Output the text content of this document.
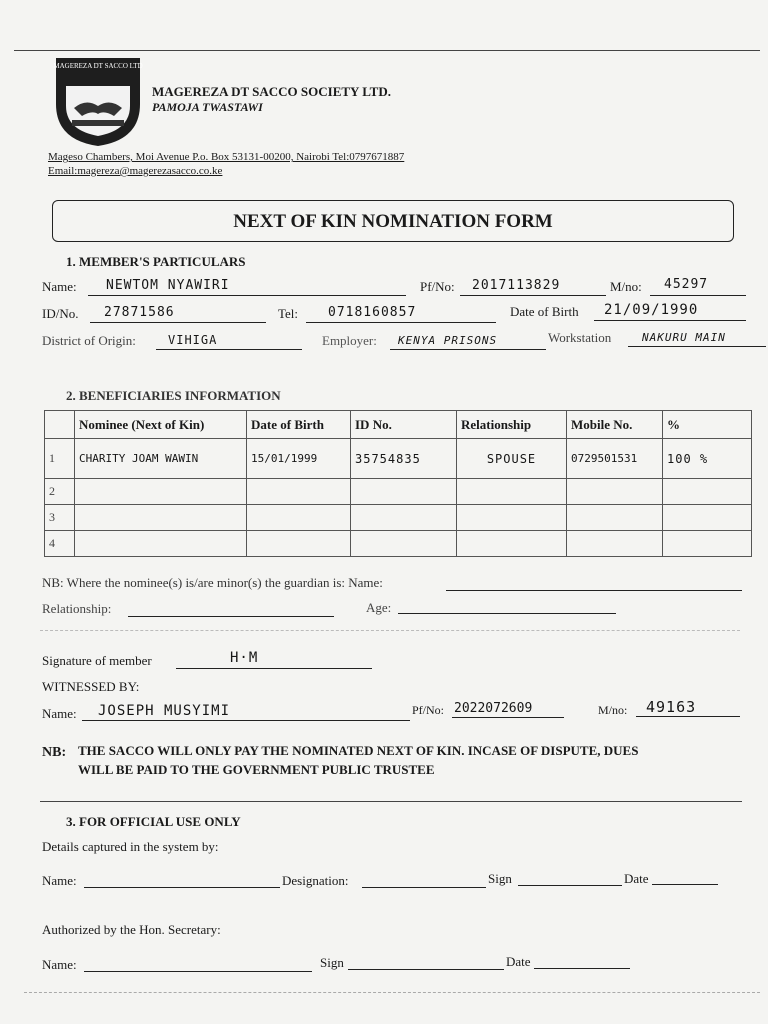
MAGEREZA DT SACCO LTD
MAGEREZA DT SACCO SOCIETY LTD.
PAMOJA TWASTAWI
Mageso Chambers, Moi Avenue P.o. Box 53131-00200, Nairobi Tel:0797671887
Email:magereza@magerezasacco.co.ke
NEXT OF KIN NOMINATION FORM
1. MEMBER'S PARTICULARS
Name: NEWTOM NYAWIRI	Pf/No: 2017113829	M/no: 45297
ID/No. 27871586	Tel: 0718160857	Date of Birth 21/09/1990
District of Origin:	VIHIGA	Employer: KENYA PRISONS	Workstation	NAKURU MAIN
2. BENEFICIARIES INFORMATION
	Nominee (Next of Kin)	Date of Birth	ID No.	Relationship	Mobile No.	%
1	CHARITY JOAM WAWIN	15/01/1999	35754835	SPOUSE	0729501531	100 %
2						
3						
4						
NB: Where the nominee(s) is/are minor(s) the guardian is: Name:
Relationship:	Age:
Signature of member	H·M
WITNESSED BY:
Name: JOSEPH MUSYIMI	Pf/No: 2022072609	M/no: 49163
NB: THE SACCO WILL ONLY PAY THE NOMINATED NEXT OF KIN. INCASE OF DISPUTE, DUES
WILL BE PAID TO THE GOVERNMENT PUBLIC TRUSTEE
3. FOR OFFICIAL USE ONLY
Details captured in the system by:
Name:	Designation:	Sign	Date
Authorized by the Hon. Secretary:
Name:	Sign	Date
